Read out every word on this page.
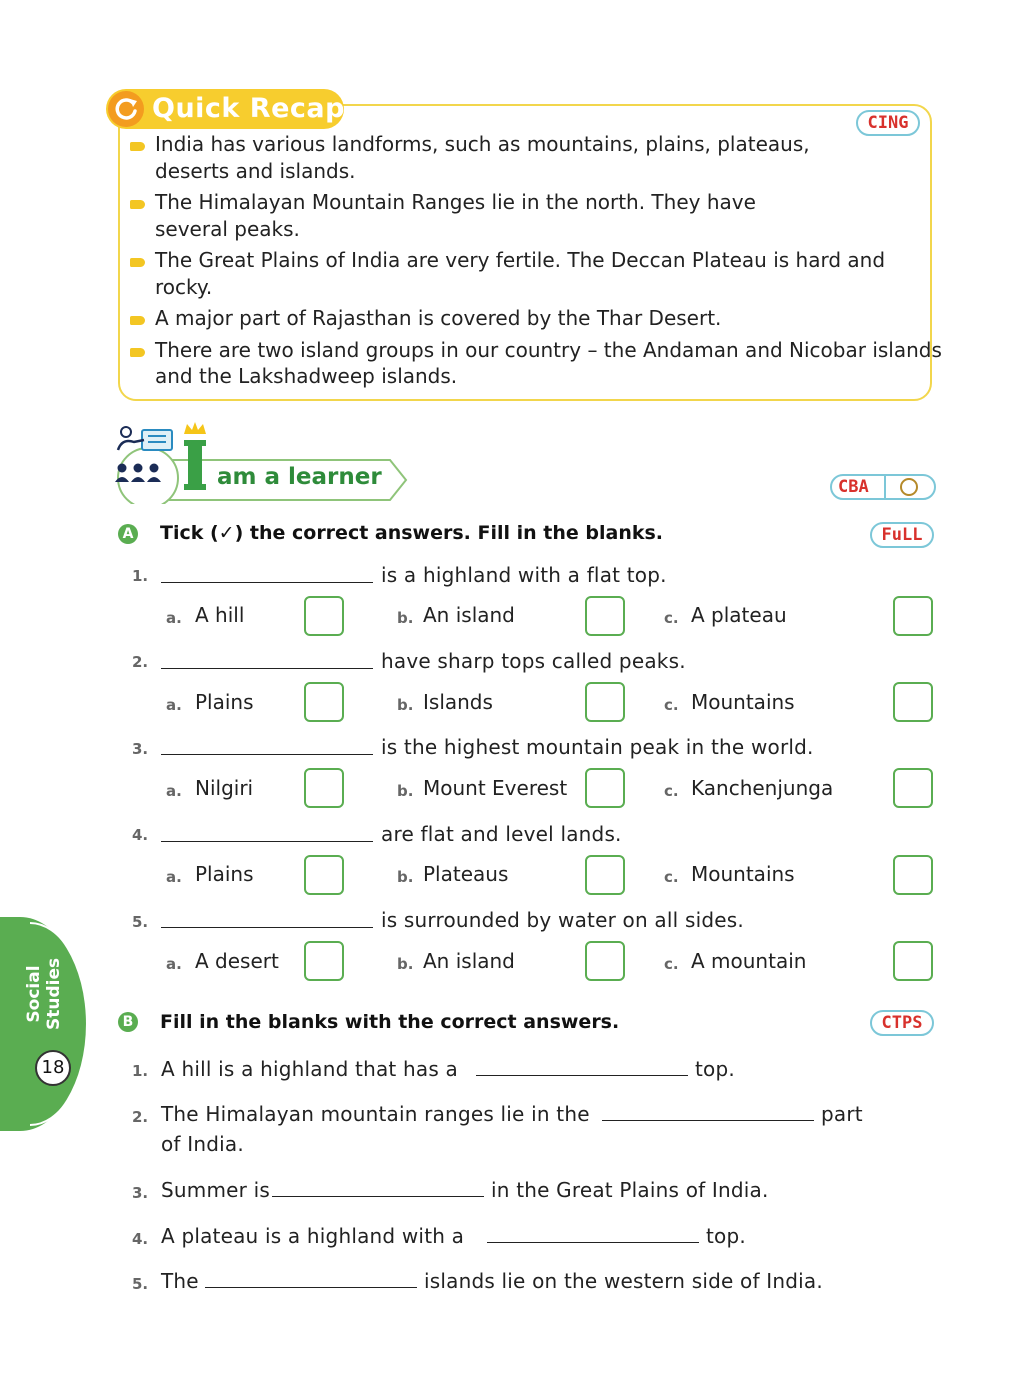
Quick Recap	CING
India has various landforms, such as mountains, plains, plateaus, deserts and islands.
The Himalayan Mountain Ranges lie in the north. They have several peaks.
The Great Plains of India are very fertile. The Deccan Plateau is hard and rocky.
A major part of Rajasthan is covered by the Thar Desert.
There are two island groups in our country – the Andaman and Nicobar islands and the Lakshadweep islands.
am a learner	CBA
A Tick (✓) the correct answers. Fill in the blanks.	FuLL
1.	is a highland with a flat top.
a. A hill	b. An island	c. A plateau
2.	have sharp tops called peaks.
a. Plains	b. Islands	c. Mountains
3.	is the highest mountain peak in the world.
a. Nilgiri	b. Mount Everest	c. Kanchenjunga
4.	are flat and level lands.
a. Plains	b. Plateaus	c. Mountains
5.	is surrounded by water on all sides.
a. A desert	b. An island	c. A mountain
B Fill in the blanks with the correct answers.	CTPS
1. A hill is a highland that has a	top.
2. The Himalayan mountain ranges lie in the	part
of India.
3. Summer is	in the Great Plains of India.
4. A plateau is a highland with a	top.
5. The	islands lie on the western side of India.
Social Studies
18
